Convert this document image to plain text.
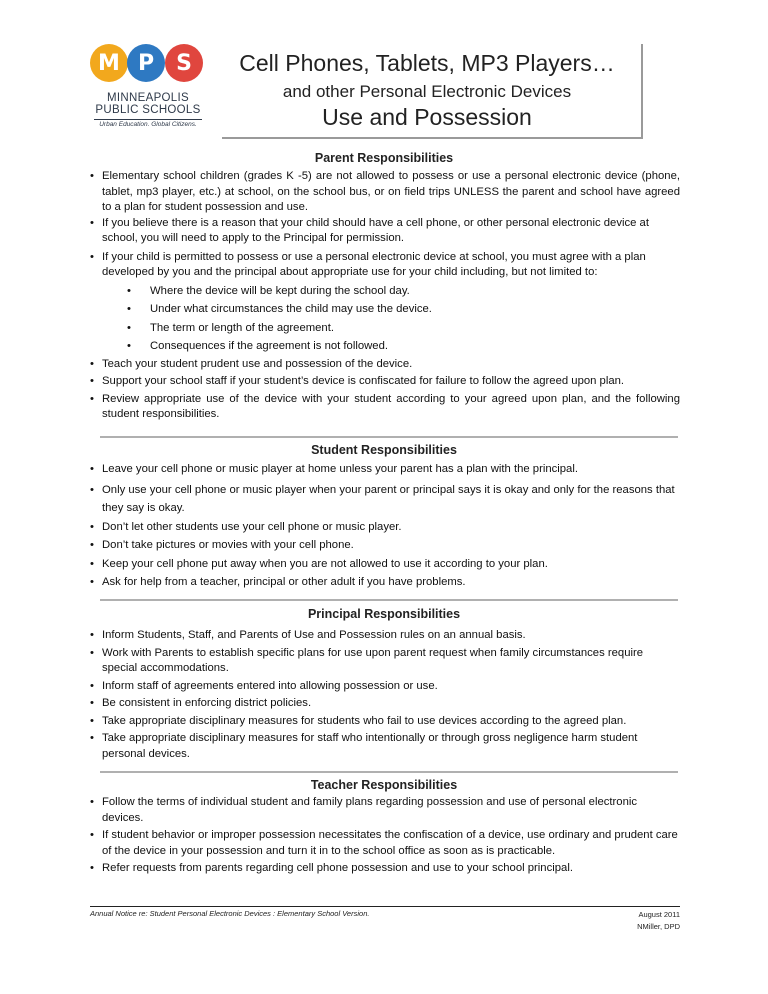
M P	S
MINNEAPOLIS
PUBLIC SCHOOLS
Urban Education. Global Citizens.
Cell Phones, Tablets, MP3 Players…
and other Personal Electronic Devices
Use and Possession
Parent Responsibilities
• Elementary school children (grades K -5) are not allowed to possess or use a personal electronic device (phone, tablet, mp3 player, etc.) at school, on the school bus, or on field trips UNLESS the parent and school have agreed to a plan for student possession and use.
• If you believe there is a reason that your child should have a cell phone, or other personal electronic device at school, you will need to apply to the Principal for permission.
• If your child is permitted to possess or use a personal electronic device at school, you must agree with a plan developed by you and the principal about appropriate use for your child including, but not limited to:
• Where the device will be kept during the school day.
• Under what circumstances the child may use the device.
• The term or length of the agreement.
• Consequences if the agreement is not followed.
• Teach your student prudent use and possession of the device.
• Support your school staff if your student’s device is confiscated for failure to follow the agreed upon plan.
• Review appropriate use of the device with your student according to your agreed upon plan, and the following student responsibilities.
Student Responsibilities
• Leave your cell phone or music player at home unless your parent has a plan with the principal.
• Only use your cell phone or music player when your parent or principal says it is okay and only for the reasons that they say is okay.
• Don’t let other students use your cell phone or music player.
• Don’t take pictures or movies with your cell phone.
• Keep your cell phone put away when you are not allowed to use it according to your plan.
• Ask for help from a teacher, principal or other adult if you have problems.
Principal Responsibilities
• Inform Students, Staff, and Parents of Use and Possession rules on an annual basis.
• Work with Parents to establish specific plans for use upon parent request when family circumstances require special accommodations.
• Inform staff of agreements entered into allowing possession or use.
• Be consistent in enforcing district policies.
• Take appropriate disciplinary measures for students who fail to use devices according to the agreed plan.
• Take appropriate disciplinary measures for staff who intentionally or through gross negligence harm student personal devices.
Teacher Responsibilities
• Follow the terms of individual student and family plans regarding possession and use of personal electronic devices.
• If student behavior or improper possession necessitates the confiscation of a device, use ordinary and prudent care of the device in your possession and turn it in to the school office as soon as is practicable.
• Refer requests from parents regarding cell phone possession and use to your school principal.
Annual Notice re: Student Personal Electronic Devices : Elementary School Version.	August 2011
NMiller, DPD
